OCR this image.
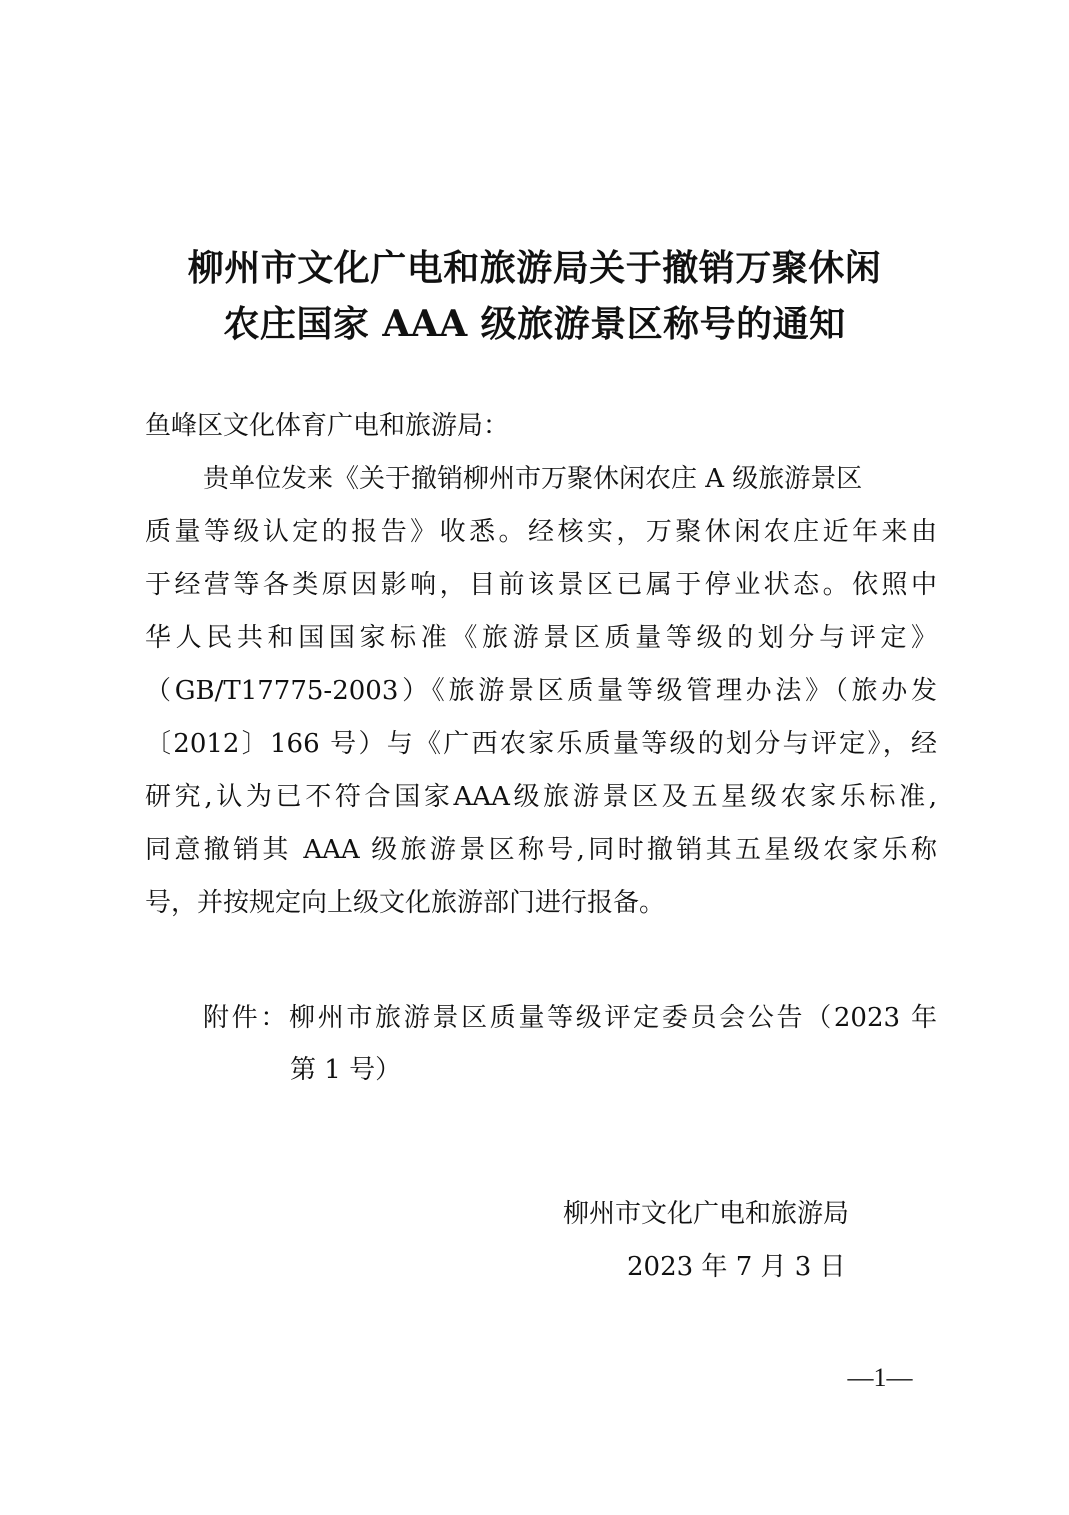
柳州市文化广电和旅游局关于撤销万聚休闲
农庄国家 AAA 级旅游景区称号的通知
鱼峰区文化体育广电和旅游局：
贵单位发来《关于撤销柳州市万聚休闲农庄 A 级旅游景区
质量等级认定的报告》收悉。经核实，万聚休闲农庄近年来由
于经营等各类原因影响，目前该景区已属于停业状态。依照中
华人民共和国国家标准《旅游景区质量等级的划分与评定》
（GB/T17775-2003）《旅游景区质量等级管理办法》（旅办发
〔2012〕166 号）与《广西农家乐质量等级的划分与评定》，经
研究,认为已不符合国家AAA级旅游景区及五星级农家乐标准,
同意撤销其 AAA 级旅游景区称号,同时撤销其五星级农家乐称
号，并按规定向上级文化旅游部门进行报备。
附件：柳州市旅游景区质量等级评定委员会公告（2023 年
第 1 号）
柳州市文化广电和旅游局
2023 年 7 月 3 日
—1—
